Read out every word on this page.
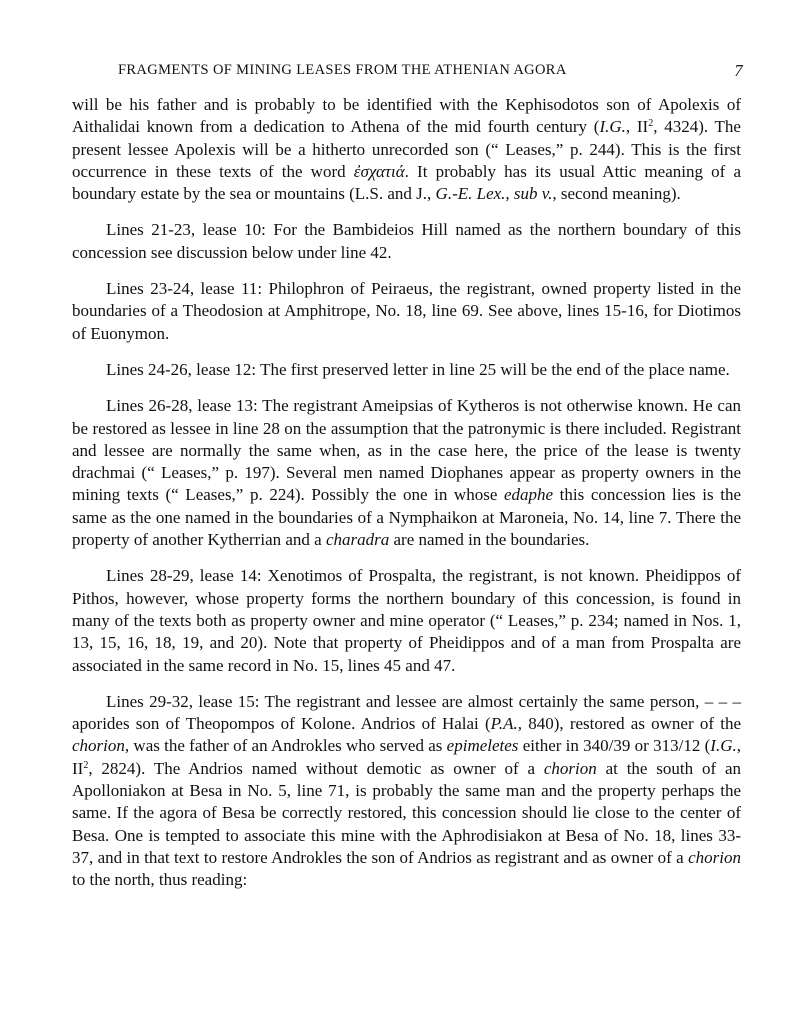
FRAGMENTS OF MINING LEASES FROM THE ATHENIAN AGORA	7

will be his father and is probably to be identified with the Kephisodotos son of Apolexis of Aithalidai known from a dedication to Athena of the mid fourth century (I.G., $II^2$, 4324). The present lessee Apolexis will be a hitherto unrecorded son (“ Leases,” p. 244). This is the first occurrence in these texts of the word ἐσχατιά. It probably has its usual Attic meaning of a boundary estate by the sea or mountains (L.S. and J., G.-E. Lex., sub v., second meaning).

Lines 21-23, lease 10: For the Bambideios Hill named as the northern boundary of this concession see discussion below under line 42.

Lines 23-24, lease 11: Philophron of Peiraeus, the registrant, owned property listed in the boundaries of a Theodosion at Amphitrope, No. 18, line 69. See above, lines 15-16, for Diotimos of Euonymon.

Lines 24-26, lease 12: The first preserved letter in line 25 will be the end of the place name.

Lines 26-28, lease 13: The registrant Ameipsias of Kytheros is not otherwise known. He can be restored as lessee in line 28 on the assumption that the patronymic is there included. Registrant and lessee are normally the same when, as in the case here, the price of the lease is twenty drachmai (“ Leases,” p. 197). Several men named Diophanes appear as property owners in the mining texts (“ Leases,” p. 224). Possibly the one in whose edaphe this concession lies is the same as the one named in the boundaries of a Nymphaikon at Maroneia, No. 14, line 7. There the property of another Kytherrian and a charadra are named in the boundaries.

Lines 28-29, lease 14: Xenotimos of Prospalta, the registrant, is not known. Pheidippos of Pithos, however, whose property forms the northern boundary of this concession, is found in many of the texts both as property owner and mine operator (“ Leases,” p. 234; named in Nos. 1, 13, 15, 16, 18, 19, and 20). Note that property of Pheidippos and of a man from Prospalta are associated in the same record in No. 15, lines 45 and 47.

Lines 29-32, lease 15: The registrant and lessee are almost certainly the same person, – – – aporides son of Theopompos of Kolone. Andrios of Halai (P.A., 840), restored as owner of the chorion, was the father of an Androkles who served as epimeletes either in 340/39 or 313/12 (I.G., $II^2$, 2824). The Andrios named without demotic as owner of a chorion at the south of an Apolloniakon at Besa in No. 5, line 71, is probably the same man and the property perhaps the same. If the agora of Besa be correctly restored, this concession should lie close to the center of Besa. One is tempted to associate this mine with the Aphrodisiakon at Besa of No. 18, lines 33-37, and in that text to restore Androkles the son of Andrios as registrant and as owner of a chorion to the north, thus reading:
